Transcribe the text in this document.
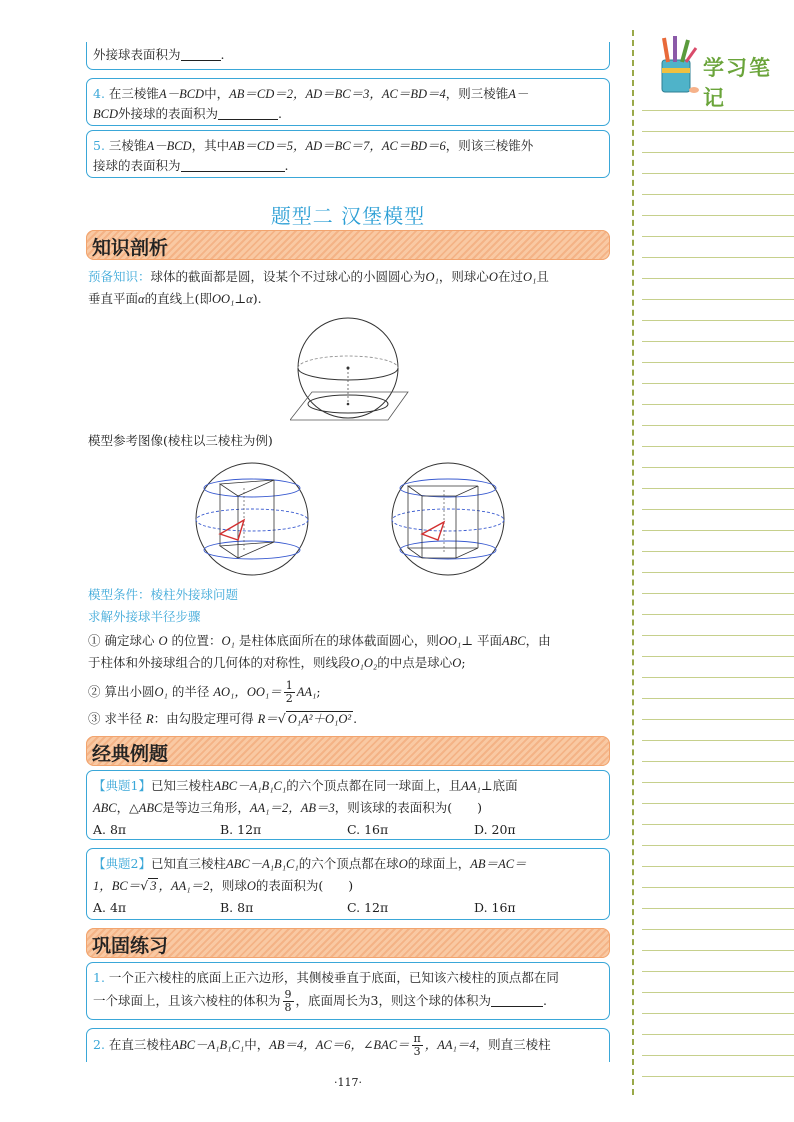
学习笔记
外接球表面积为	.
4. 在三棱锥A－BCD中，AB＝CD＝2，AD＝BC＝3，AC＝BD＝4，则三棱锥A－
BCD外接球的表面积为	.
5. 三棱锥A－BCD，其中AB＝CD＝5，AD＝BC＝7，AC＝BD＝6，则该三棱锥外
接球的表面积为	.
题型二 汉堡模型
知识剖析
预备知识：球体的截面都是圆，设某个不过球心的小圆圆心为O₁，则球心O在过O₁且
垂直平面α的直线上(即OO₁⊥α).
模型参考图像(棱柱以三棱柱为例)
模型条件：棱柱外接球问题
求解外接球半径步骤
① 确定球心 O 的位置：O₁ 是柱体底面所在的球体截面圆心，则OO₁⊥ 平面ABC，由
于柱体和外接球组合的几何体的对称性，则线段O₁O₂的中点是球心O;
② 算出小圆O₁ 的半径 AO₁，$OO_1= \frac{1}{2} AA_1$;
③ 求半径 R：由勾股定理可得 R＝√ O₁A²＋O₁O² .
经典例题
【典题1】已知三棱柱ABC－A₁B₁C₁的六个顶点都在同一球面上，且AA₁⊥底面
ABC，△ABC是等边三角形，AA₁＝2，AB＝3，则该球的表面积为(　　)
A. 8π	B. 12π	C. 16π	D. 20π
【典题2】已知直三棱柱ABC－A₁B₁C₁的六个顶点都在球O的球面上，AB＝AC＝
1，BC＝√ 3 ，AA₁＝2，则球O的表面积为(　　)
A. 4π	B. 8π	C. 12π	D. 16π
巩固练习
1. 一个正六棱柱的底面上正六边形，其侧棱垂直于底面，已知该六棱柱的顶点都在同
一个球面上，且该六棱柱的体积为 $\frac{9}{8}$ ，底面周长为3，则这个球的体积为	.
2. 在直三棱柱ABC－A₁B₁C₁中，AB＝4，AC＝6，∠BAC＝ $\frac{\pi}{3}$ ，AA₁＝4，则直三棱柱
·117·
